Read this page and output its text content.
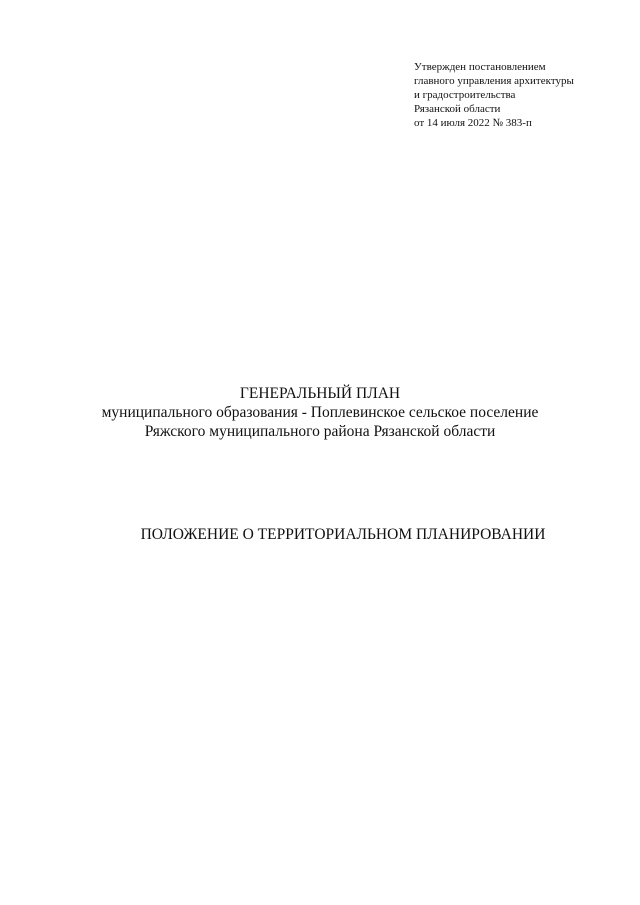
Утвержден постановлением
главного управления архитектуры
и градостроительства
Рязанской области
от 14 июля 2022 № 383-п
ГЕНЕРАЛЬНЫЙ ПЛАН
муниципального образования - Поплевинское сельское поселение
Ряжского муниципального района Рязанской области
ПОЛОЖЕНИЕ О ТЕРРИТОРИАЛЬНОМ ПЛАНИРОВАНИИ
